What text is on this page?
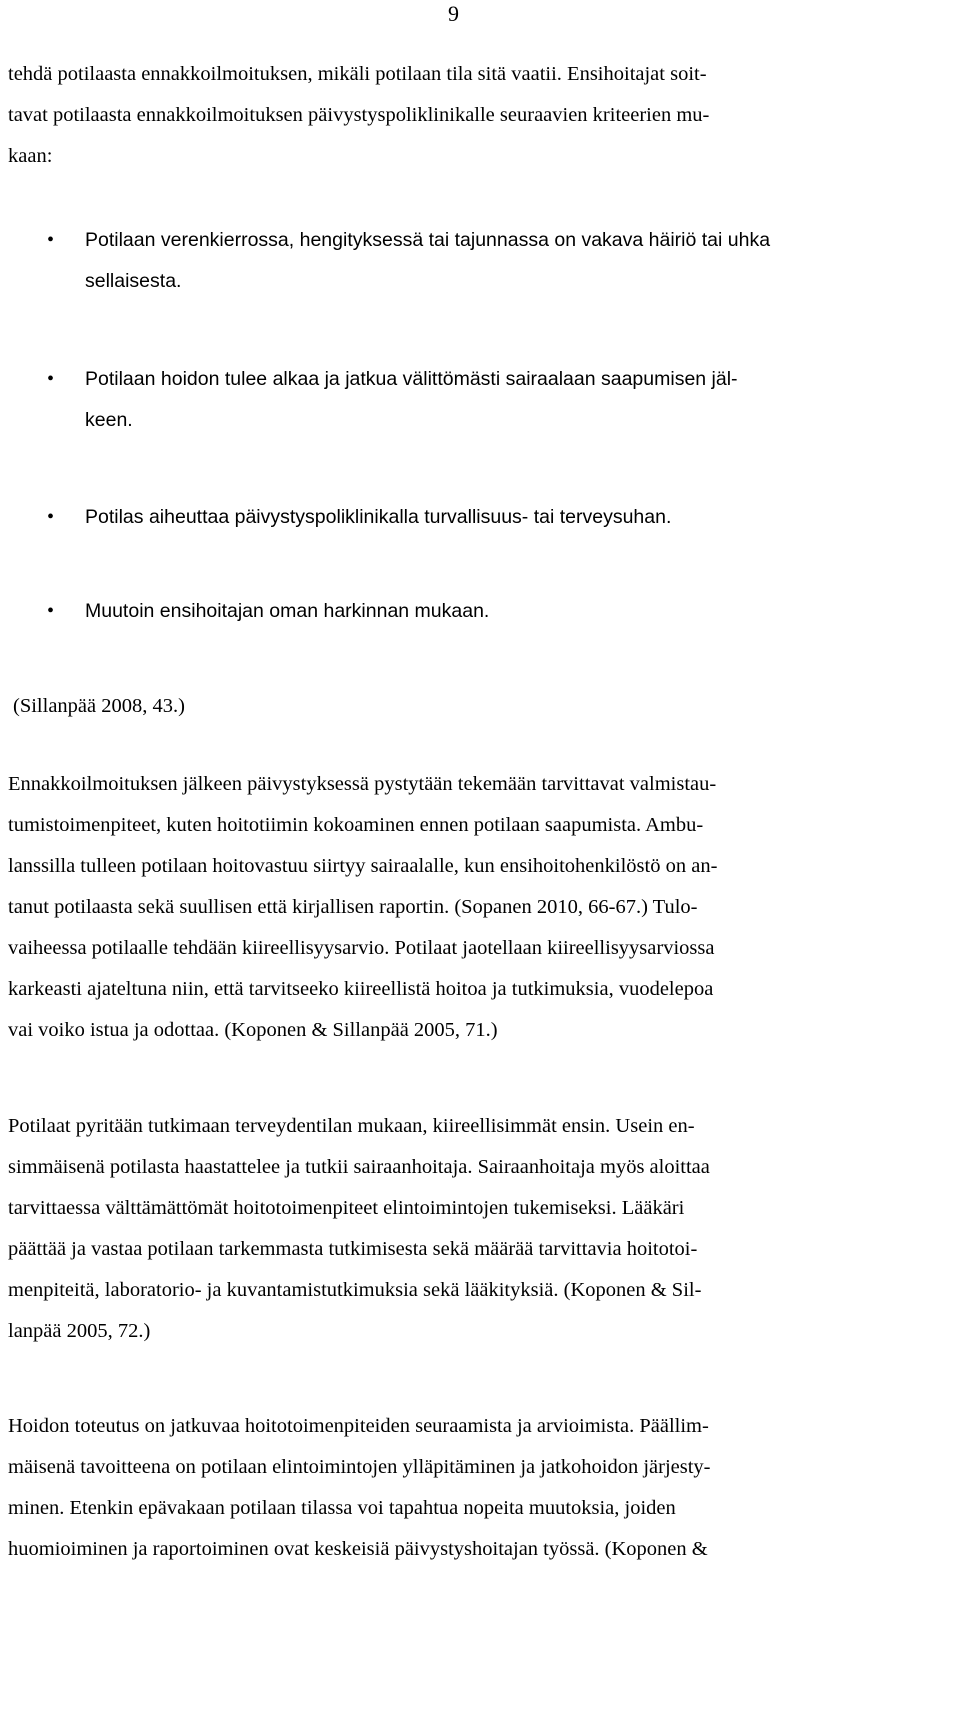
9
tehdä potilaasta ennakkoilmoituksen, mikäli potilaan tila sitä vaatii. Ensihoitajat soit-
tavat potilaasta ennakkoilmoituksen päivystyspoliklinikalle seuraavien kriteerien mu-
kaan:
• Potilaan verenkierrossa, hengityksessä tai tajunnassa on vakava häiriö tai uhka
sellaisesta.
• Potilaan hoidon tulee alkaa ja jatkua välittömästi sairaalaan saapumisen jäl-
keen.
• Potilas aiheuttaa päivystyspoliklinikalla turvallisuus- tai terveysuhan.
• Muutoin ensihoitajan oman harkinnan mukaan.
(Sillanpää 2008, 43.)
Ennakkoilmoituksen jälkeen päivystyksessä pystytään tekemään tarvittavat valmistau-
tumistoimenpiteet, kuten hoitotiimin kokoaminen ennen potilaan saapumista. Ambu-
lanssilla tulleen potilaan hoitovastuu siirtyy sairaalalle, kun ensihoitohenkilöstö on an-
tanut potilaasta sekä suullisen että kirjallisen raportin. (Sopanen 2010, 66-67.) Tulo-
vaiheessa potilaalle tehdään kiireellisyysarvio. Potilaat jaotellaan kiireellisyysarviossa
karkeasti ajateltuna niin, että tarvitseeko kiireellistä hoitoa ja tutkimuksia, vuodelepoa
vai voiko istua ja odottaa. (Koponen & Sillanpää 2005, 71.)
Potilaat pyritään tutkimaan terveydentilan mukaan, kiireellisimmät ensin. Usein en-
simmäisenä potilasta haastattelee ja tutkii sairaanhoitaja. Sairaanhoitaja myös aloittaa
tarvittaessa välttämättömät hoitotoimenpiteet elintoimintojen tukemiseksi. Lääkäri
päättää ja vastaa potilaan tarkemmasta tutkimisesta sekä määrää tarvittavia hoitotoi-
menpiteitä, laboratorio- ja kuvantamistutkimuksia sekä lääkityksiä. (Koponen & Sil-
lanpää 2005, 72.)
Hoidon toteutus on jatkuvaa hoitotoimenpiteiden seuraamista ja arvioimista. Päällim-
mäisenä tavoitteena on potilaan elintoimintojen ylläpitäminen ja jatkohoidon järjesty-
minen. Etenkin epävakaan potilaan tilassa voi tapahtua nopeita muutoksia, joiden
huomioiminen ja raportoiminen ovat keskeisiä päivystyshoitajan työssä. (Koponen &
